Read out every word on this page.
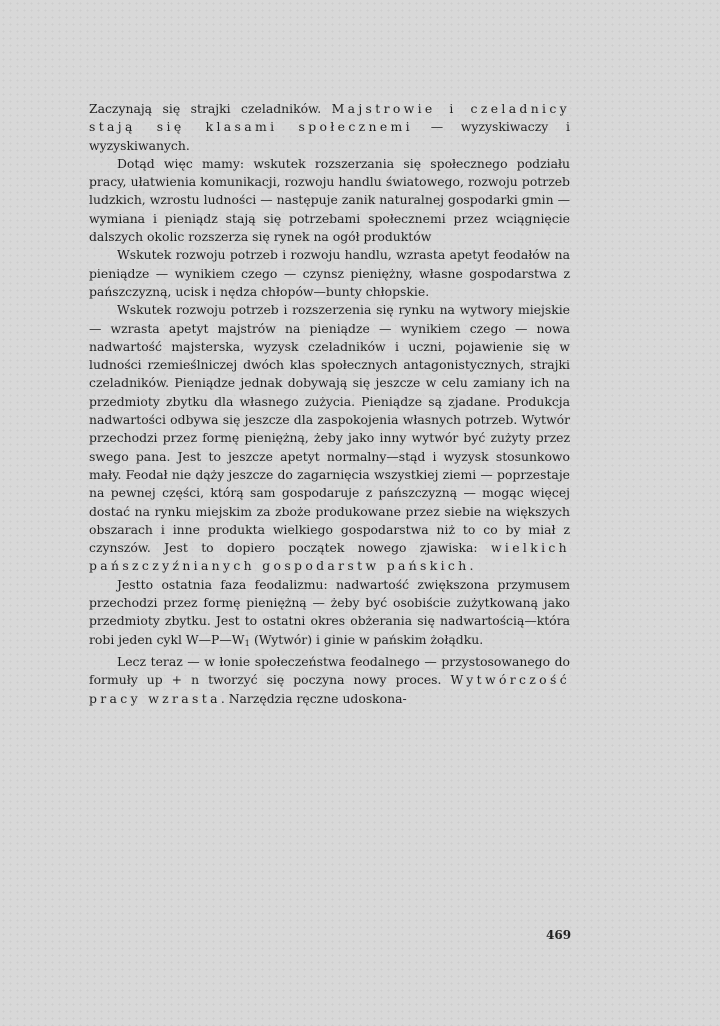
Zaczynają się strajki czeladników. Majstrowie i czeladnicy stają się klasami społecznemi — wyzyskiwaczy i wyzyskiwanych.

Dotąd więc mamy: wskutek rozszerzania się społecznego podziału pracy, ułatwienia komunikacji, rozwoju handlu światowego, rozwoju potrzeb ludzkich, wzrostu ludności — następuje zanik naturalnej gospodarki gmin — wymiana i pieniądz stają się potrzebami społecznemi przez wciągnięcie dalszych okolic rozszerza się rynek na ogół produktów

Wskutek rozwoju potrzeb i rozwoju handlu, wzrasta apetyt feodałów na pieniądze — wynikiem czego — czynsz pieniężny, własne gospodarstwa z pańszczyzną, ucisk i nędza chłopów—bunty chłopskie.

Wskutek rozwoju potrzeb i rozszerzenia się rynku na wytwory miejskie — wzrasta apetyt majstrów na pieniądze — wynikiem czego — nowa nadwartość majsterska, wyzysk czeladników i uczni, pojawienie się w ludności rzemieślniczej dwóch klas społecznych antagonistycznych, strajki czeladników. Pieniądze jednak dobywają się jeszcze w celu zamiany ich na przedmioty zbytku dla własnego zużycia. Pieniądze są zjadane. Produkcja nadwartości odbywa się jeszcze dla zaspokojenia własnych potrzeb. Wytwór przechodzi przez formę pieniężną, żeby jako inny wytwór być zużyty przez swego pana. Jest to jeszcze apetyt normalny—stąd i wyzysk stosunkowo mały. Feodał nie dąży jeszcze do zagarnięcia wszystkiej ziemi — poprzestaje na pewnej części, którą sam gospodaruje z pańszczyzną — mogąc więcej dostać na rynku miejskim za zboże produkowane przez siebie na większych obszarach i inne produkta wielkiego gospodarstwa niż to co by miał z czynszów. Jest to dopiero początek nowego zjawiska: wielkich pańszczyźnianych gospodarstw pańskich.

Jestto ostatnia faza feodalizmu: nadwartość zwiększona przymusem przechodzi przez formę pieniężną — żeby być osobiście zużytkowaną jako przedmioty zbytku. Jest to ostatni okres obżerania się nadwartością—która robi jeden cykl $W—P—W_1$ (Wytwór) i ginie w pańskim żołądku.

Lecz teraz — w łonie społeczeństwa feodalnego — przystosowanego do formuły up + n tworzyć się poczyna nowy proces. Wytwórczość pracy wzrasta. Narzędzia ręczne udoskona-

469
